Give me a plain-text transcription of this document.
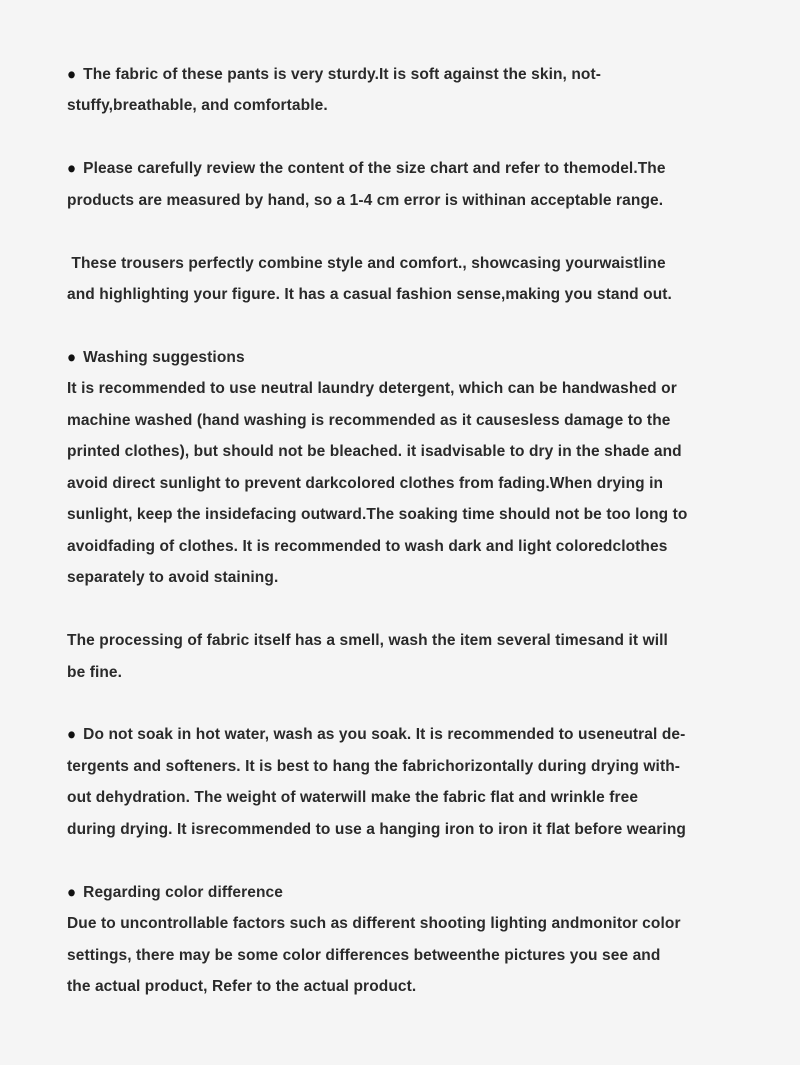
● The fabric of these pants is very sturdy.It is soft against the skin, not-
stuffy,breathable, and comfortable.
● Please carefully review the content of the size chart and refer to themodel.The
products are measured by hand, so a 1-4 cm error is withinan acceptable range.
These trousers perfectly combine style and comfort., showcasing yourwaistline
and highlighting your figure. It has a casual fashion sense,making you stand out.
● Washing suggestions
It is recommended to use neutral laundry detergent, which can be handwashed or
machine washed (hand washing is recommended as it causesless damage to the
printed clothes), but should not be bleached. it isadvisable to dry in the shade and
avoid direct sunlight to prevent darkcolored clothes from fading.When drying in
sunlight, keep the insidefacing outward.The soaking time should not be too long to
avoidfading of clothes. It is recommended to wash dark and light coloredclothes
separately to avoid staining.
The processing of fabric itself has a smell, wash the item several timesand it will
be fine.
● Do not soak in hot water, wash as you soak. It is recommended to useneutral de-
tergents and softeners. It is best to hang the fabrichorizontally during drying with-
out dehydration. The weight of waterwill make the fabric flat and wrinkle free
during drying. It isrecommended to use a hanging iron to iron it flat before wearing
● Regarding color difference
Due to uncontrollable factors such as different shooting lighting andmonitor color
settings, there may be some color differences betweenthe pictures you see and
the actual product, Refer to the actual product.
